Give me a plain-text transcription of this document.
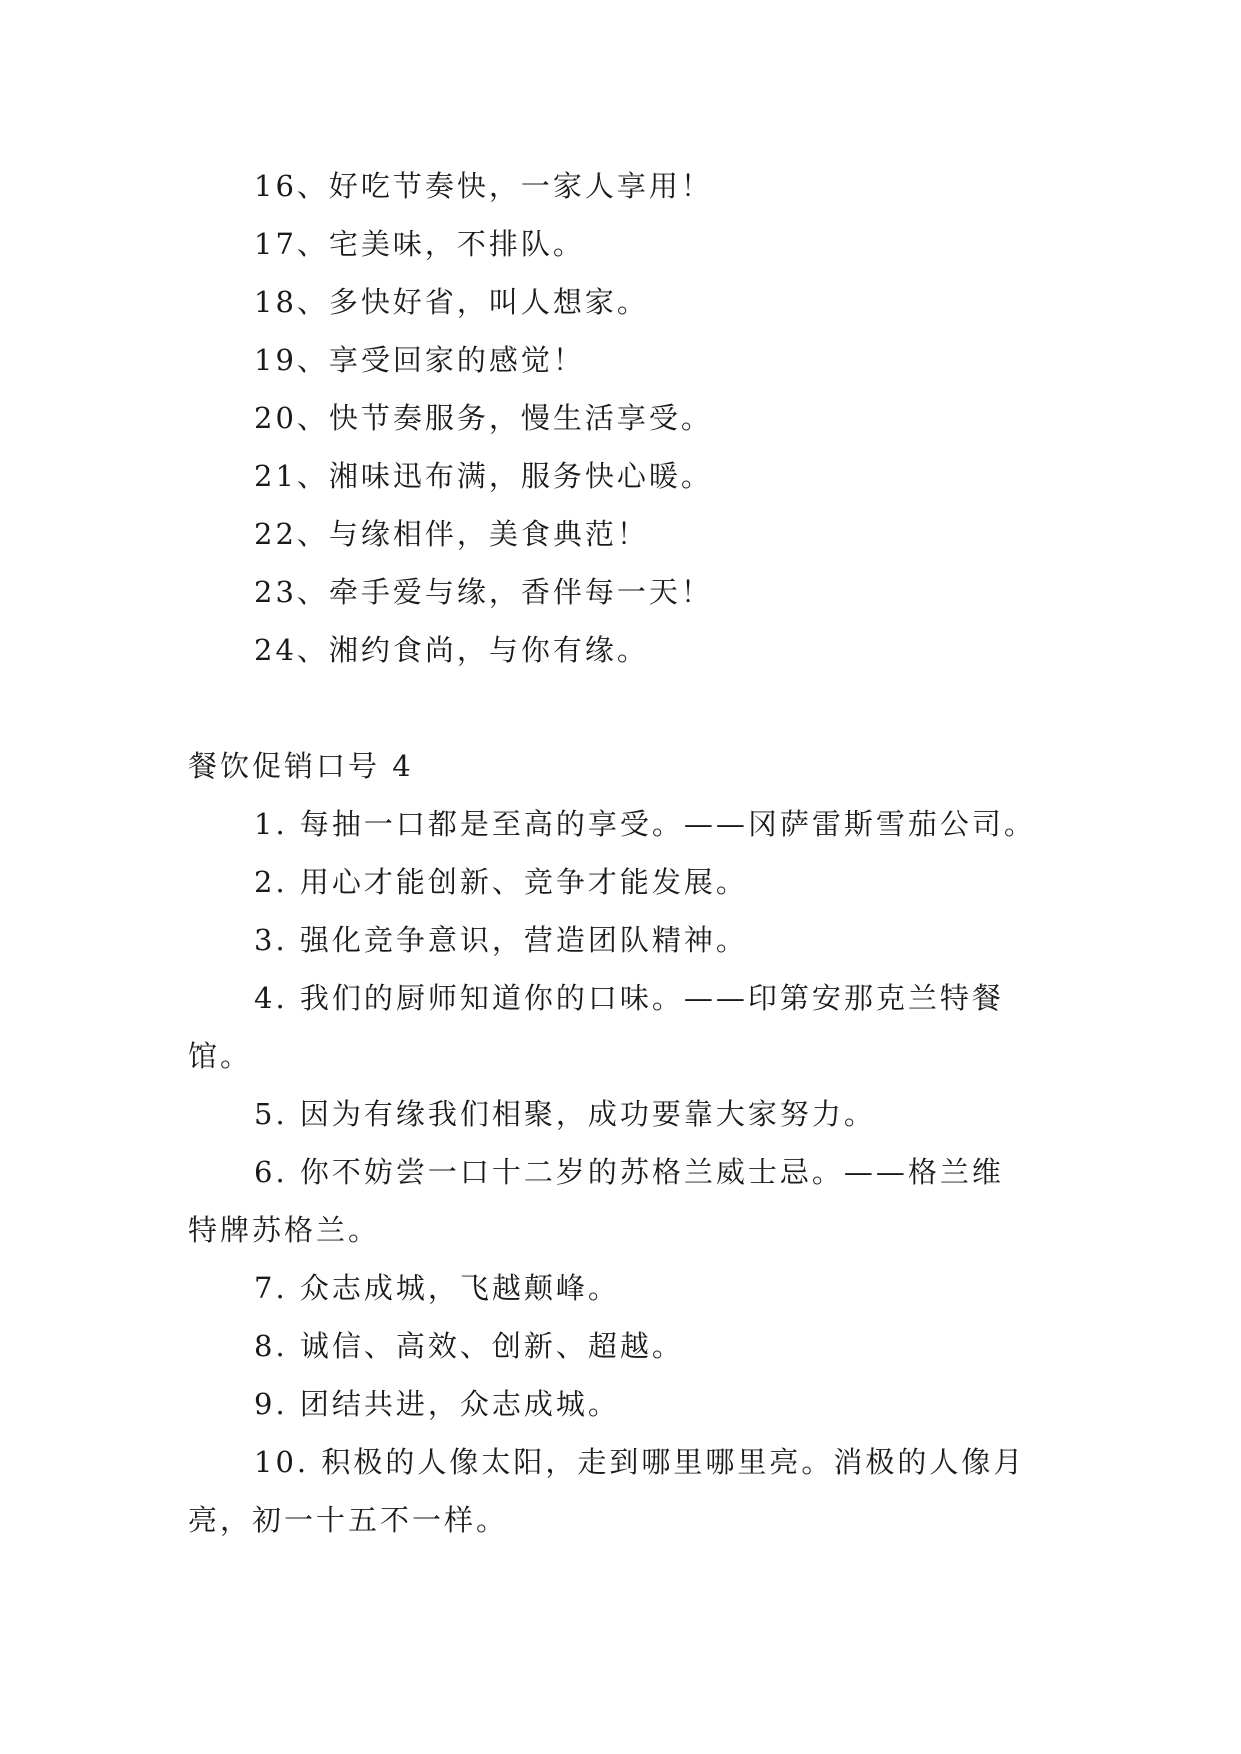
16、好吃节奏快，一家人享用！
17、宅美味，不排队。
18、多快好省，叫人想家。
19、享受回家的感觉！
20、快节奏服务，慢生活享受。
21、湘味迅布满，服务快心暖。
22、与缘相伴，美食典范！
23、牵手爱与缘，香伴每一天！
24、湘约食尚，与你有缘。
餐饮促销口号 4
1. 每抽一口都是至高的享受。——冈萨雷斯雪茄公司。
2. 用心才能创新、竞争才能发展。
3. 强化竞争意识，营造团队精神。
4. 我们的厨师知道你的口味。——印第安那克兰特餐
馆。
5. 因为有缘我们相聚，成功要靠大家努力。
6. 你不妨尝一口十二岁的苏格兰威士忌。——格兰维
特牌苏格兰。
7. 众志成城，飞越颠峰。
8. 诚信、高效、创新、超越。
9. 团结共进，众志成城。
10. 积极的人像太阳，走到哪里哪里亮。消极的人像月
亮，初一十五不一样。
